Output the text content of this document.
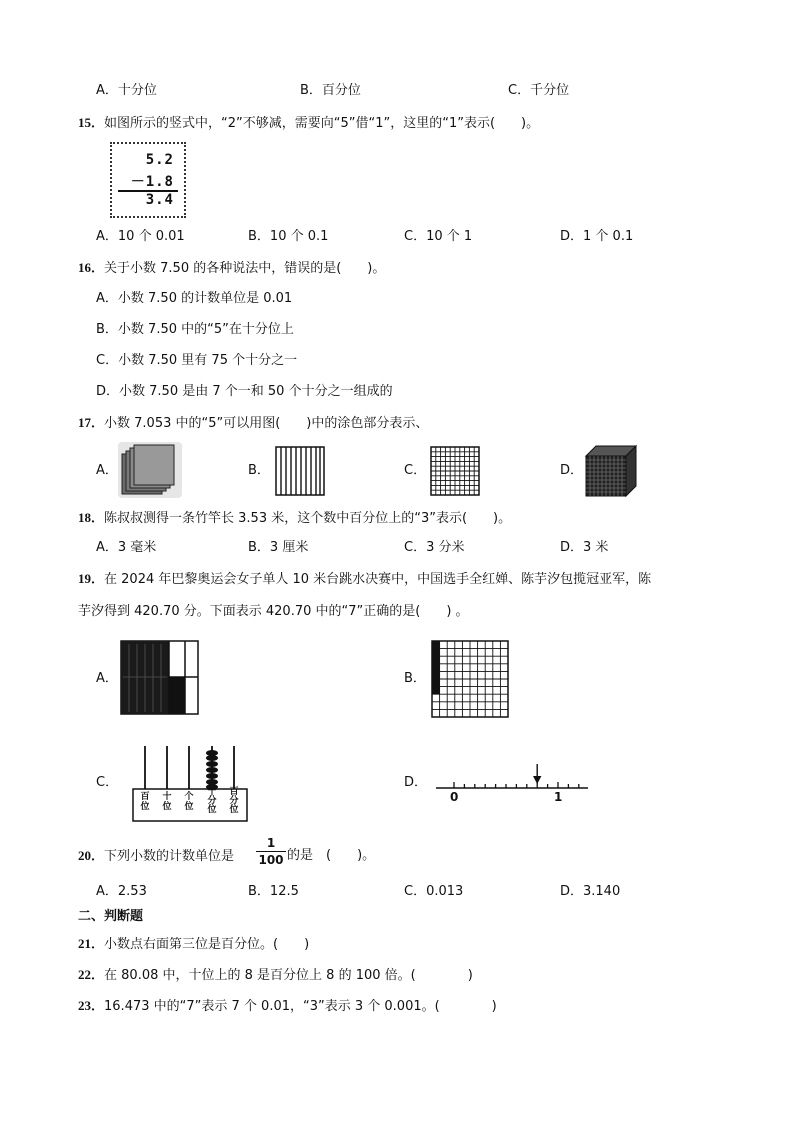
A．十分位	B．百分位	C．千分位
15．如图所示的竖式中，“2”不够减，需要向“5”借“1”，这里的“1”表示(　　)。
5.2
－1.8
3.4
A．10 个 0.01	B．10 个 0.1	C．10 个 1	D．1 个 0.1
16．关于小数 7.50 的各种说法中，错误的是(　　)。
A．小数 7.50 的计数单位是 0.01
B．小数 7.50 中的“5”在十分位上
C．小数 7.50 里有 75 个十分之一
D．小数 7.50 是由 7 个一和 50 个十分之一组成的
17．小数 7.053 中的“5”可以用图(　　)中的涂色部分表示、
A．	B．	C．	D．
18．陈叔叔测得一条竹竿长 3.53 米，这个数中百分位上的“3”表示(　　)。
A．3 毫米	B．3 厘米	C．3 分米	D．3 米
19．在 2024 年巴黎奥运会女子单人 10 米台跳水决赛中，中国选手全红婵、陈芋汐包揽冠亚军，陈
芋汐得到 420.70 分。下面表示 420.70 中的“7”正确的是(　　) 。
A．	B．
C．
百位
十位
个位
十分位
百分位
D．
0	1
20．下列小数的计数单位是
1
100 的是　(　　)。
A．2.53	B．12.5	C．0.013	D．3.140
二、判断题
21．小数点右面第三位是百分位。(　　)
22．在 80.08 中，十位上的 8 是百分位上 8 的 100 倍。(　　　　)
23．16.473 中的“7”表示 7 个 0.01，“3”表示 3 个 0.001。(　　　　)
